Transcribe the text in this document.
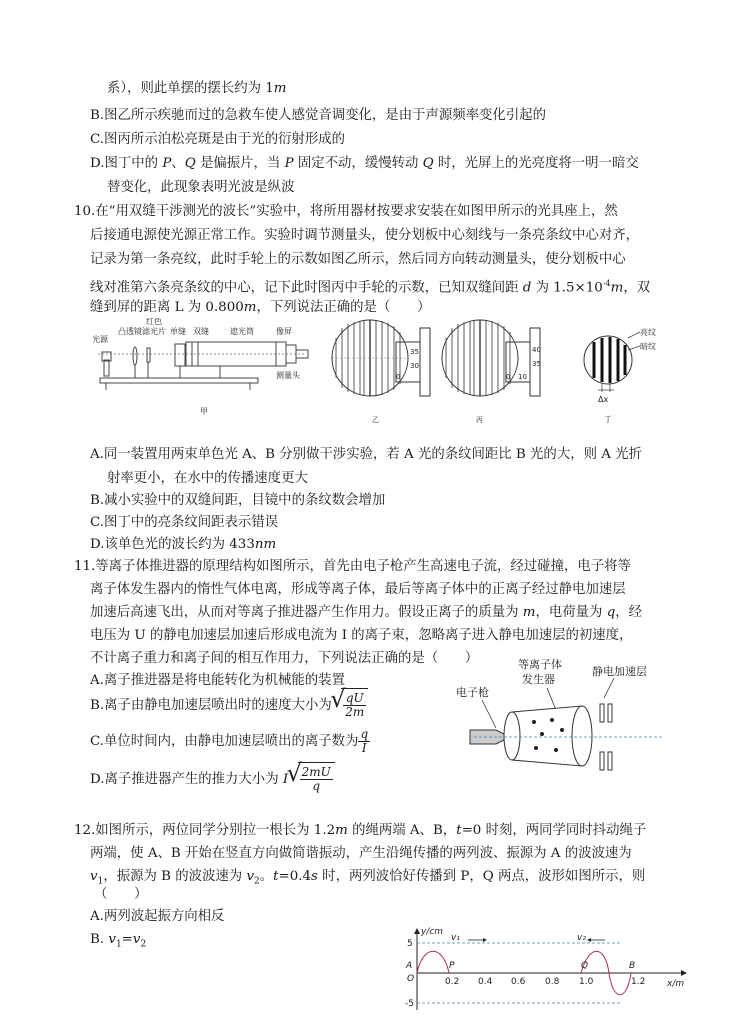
系），则此单摆的摆长约为 1m
B.图乙所示疾驰而过的急救车使人感觉音调变化，是由于声源频率变化引起的
C.图丙所示泊松亮斑是由于光的衍射形成的
D.图丁中的 P、Q 是偏振片，当 P 固定不动，缓慢转动 Q 时，光屏上的光亮度将一明一暗交
替变化，此现象表明光波是纵波
10.在“用双缝干涉测光的波长”实验中，将所用器材按要求安装在如图甲所示的光具座上，然
后接通电源使光源正常工作。实验时调节测量头，使分划板中心刻线与一条亮条纹中心对齐，
记录为第一条亮纹，此时手轮上的示数如图乙所示，然后同方向转动测量头，使分划板中心
线对准第六条亮条纹的中心，记下此时图丙中手轮的示数，已知双缝间距 d 为 $1.5\times 10^{-4}m$，双
缝到屏的距离 L 为 0.800m，下列说法正确的是（　　）
光源
凸透镜
红色
滤光片 单缝 双缝	遮光筒	像屏
测量头
甲
35
30
0
乙
40
35
0 10
丙
亮纹
暗纹
Δx
丁
A.同一装置用两束单色光 A、B 分别做干涉实验，若 A 光的条纹间距比 B 光的大，则 A 光折
射率更小，在水中的传播速度更大
B.减小实验中的双缝间距，目镜中的条纹数会增加
C.图丁中的亮条纹间距表示错误
D.该单色光的波长约为 433nm
11.等离子体推进器的原理结构如图所示，首先由电子枪产生高速电子流，经过碰撞，电子将等
离子体发生器内的惰性气体电离，形成等离子体，最后等离子体中的正离子经过静电加速层
加速后高速飞出，从而对等离子推进器产生作用力。假设正离子的质量为 m，电荷量为 q，经
电压为 U 的静电加速层加速后形成电流为 I 的离子束，忽略离子进入静电加速层的初速度，
不计离子重力和离子间的相互作用力，下列说法正确的是（　　）
A.离子推进器是将电能转化为机械能的装置
B.离子由静电加速层喷出时的速度大小为 √ $\frac{qU}{2m}$
C.单位时间内，由静电加速层喷出的离子数为 $\frac{q}{I}$
D.离子推进器产生的推力大小为 I √ $\frac{2mU}{q}$
电子枪
等离子体
发生器
静电加速层
12.如图所示，两位同学分别拉一根长为 1.2m 的绳两端 A、B，t=0 时刻，两同学同时抖动绳子
两端，使 A、B 开始在竖直方向做简谐振动，产生沿绳传播的两列波、振源为 A 的波波速为
$v_1$，振源为 B 的波波速为 $v_2$。t=0.4s 时，两列波恰好传播到 P，Q 两点，波形如图所示，则
（　　）
A.两列波起振方向相反
B. $v_1=v_2$
y/cm
x/m
v₁	v₂
A
O
P	Q	B
5
-5
0.2 0.4 0.6 0.8 1.0	1.2
